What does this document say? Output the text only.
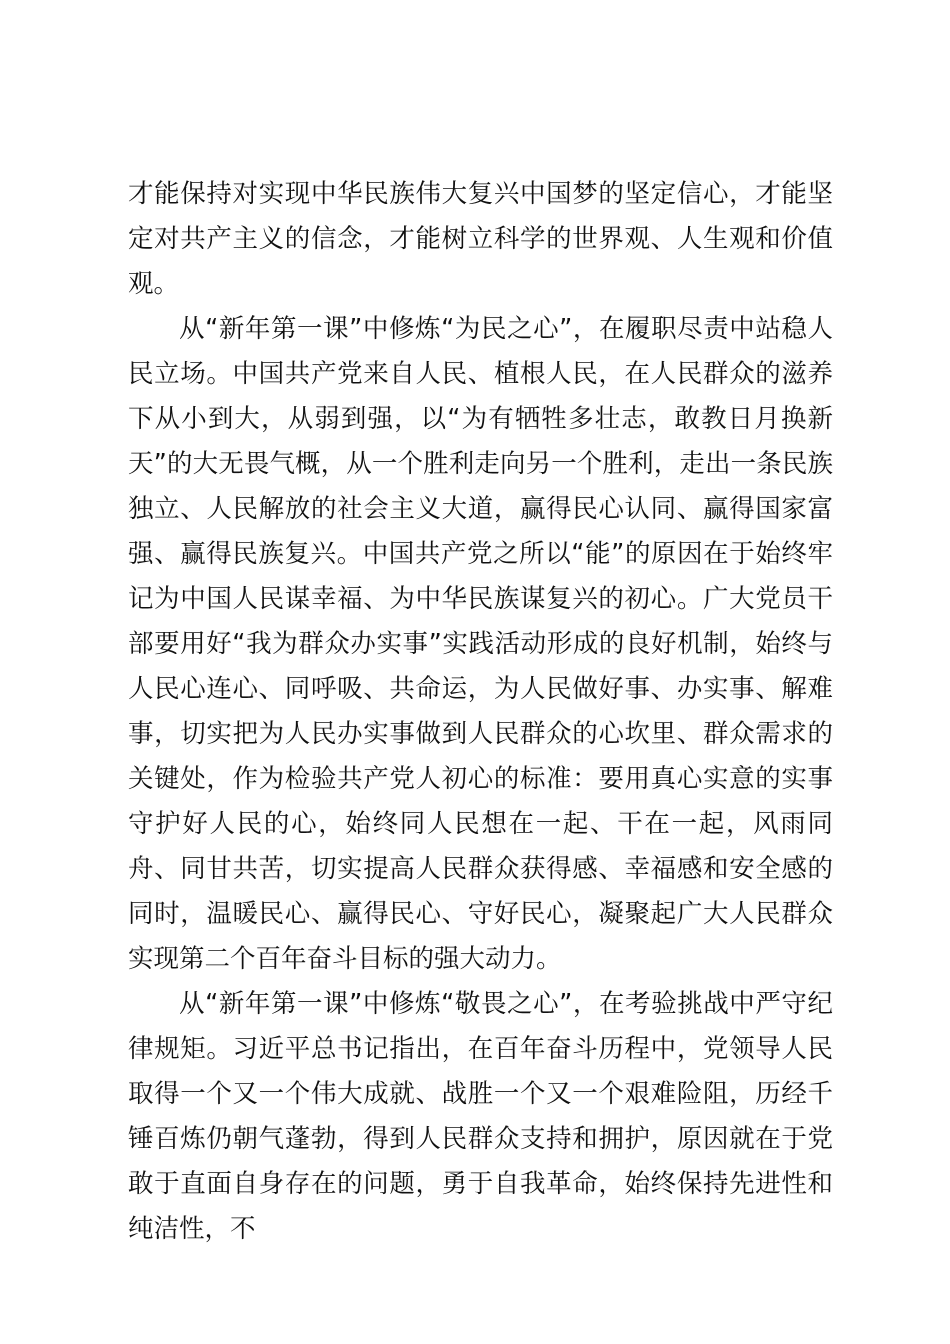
才能保持对实现中华民族伟大复兴中国梦的坚定信心，才能坚定对共产主义的信念，才能树立科学的世界观、人生观和价值观。

从“新年第一课”中修炼“为民之心”，在履职尽责中站稳人民立场。中国共产党来自人民、植根人民，在人民群众的滋养下从小到大，从弱到强，以“为有牺牲多壮志，敢教日月换新天”的大无畏气概，从一个胜利走向另一个胜利，走出一条民族独立、人民解放的社会主义大道，赢得民心认同、赢得国家富强、赢得民族复兴。中国共产党之所以“能”的原因在于始终牢记为中国人民谋幸福、为中华民族谋复兴的初心。广大党员干部要用好“我为群众办实事”实践活动形成的良好机制，始终与人民心连心、同呼吸、共命运，为人民做好事、办实事、解难事，切实把为人民办实事做到人民群众的心坎里、群众需求的关键处，作为检验共产党人初心的标准：要用真心实意的实事守护好人民的心，始终同人民想在一起、干在一起，风雨同舟、同甘共苦，切实提高人民群众获得感、幸福感和安全感的同时，温暖民心、赢得民心、守好民心，凝聚起广大人民群众实现第二个百年奋斗目标的强大动力。

从“新年第一课”中修炼“敬畏之心”，在考验挑战中严守纪律规矩。习近平总书记指出，在百年奋斗历程中，党领导人民取得一个又一个伟大成就、战胜一个又一个艰难险阻，历经千锤百炼仍朝气蓬勃，得到人民群众支持和拥护，原因就在于党敢于直面自身存在的问题，勇于自我革命，始终保持先进性和纯洁性，不
